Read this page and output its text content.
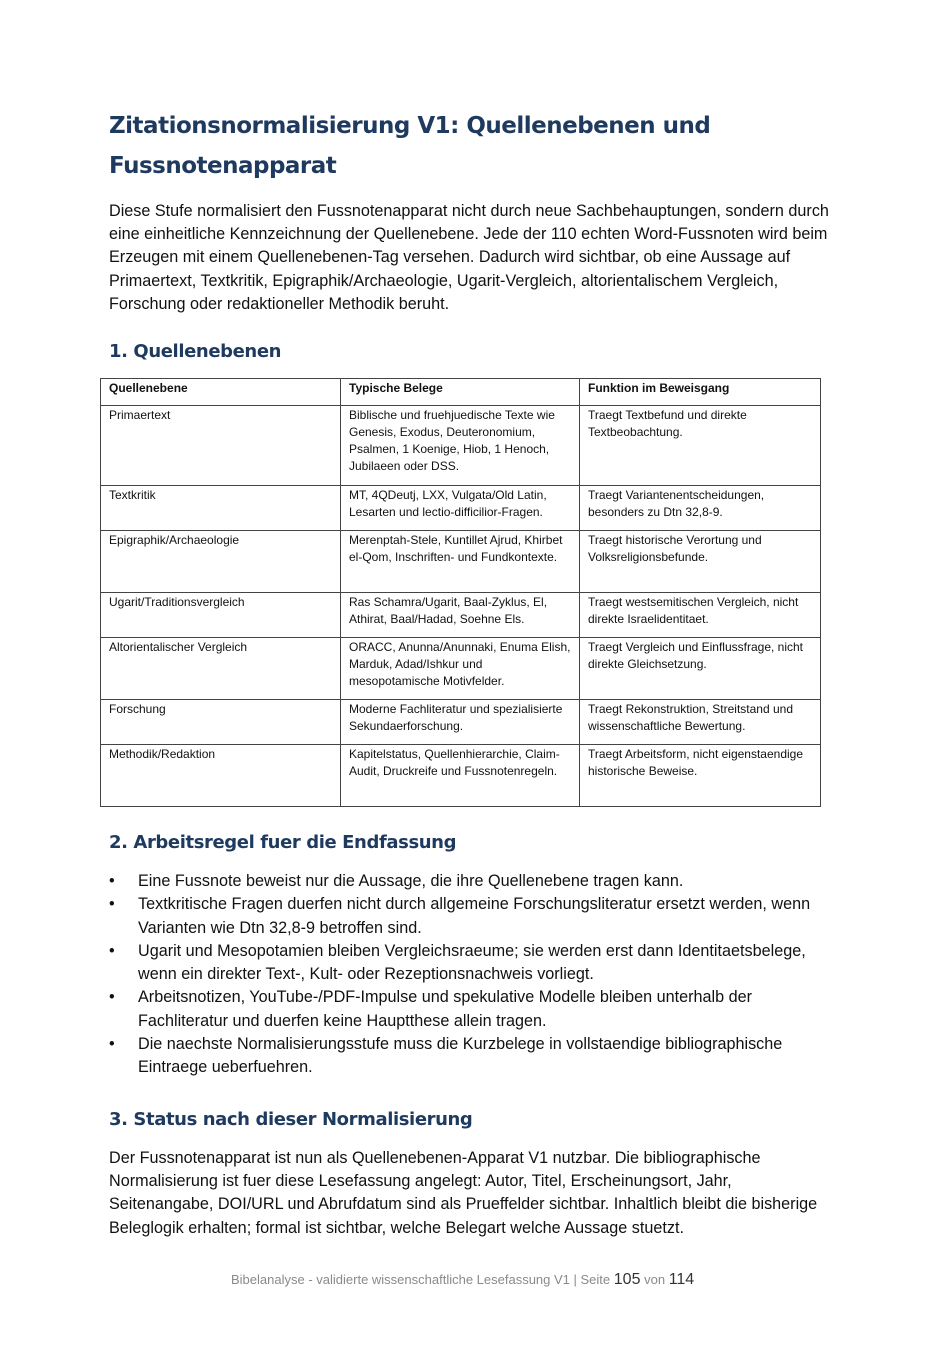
Zitationsnormalisierung V1: Quellenebenen und
Fussnotenapparat

Diese Stufe normalisiert den Fussnotenapparat nicht durch neue Sachbehauptungen, sondern durch eine einheitliche Kennzeichnung der Quellenebene. Jede der 110 echten Word-Fussnoten wird beim Erzeugen mit einem Quellenebenen-Tag versehen. Dadurch wird sichtbar, ob eine Aussage auf Primaertext, Textkritik, Epigraphik/Archaeologie, Ugarit-Vergleich, altorientalischem Vergleich, Forschung oder redaktioneller Methodik beruht.

1. Quellenebenen
Quellenebene	Typische Belege	Funktion im Beweisgang
Primaertext	Biblische und fruehjuedische Texte wie Genesis, Exodus, Deuteronomium, Psalmen, 1 Koenige, Hiob, 1 Henoch, Jubilaeen oder DSS.	Traegt Textbefund und direkte Textbeobachtung.
Textkritik	MT, 4QDeutj, LXX, Vulgata/Old Latin, Lesarten und lectio-difficilior-Fragen.	Traegt Variantenentscheidungen, besonders zu Dtn 32,8-9.
Epigraphik/Archaeologie	Merenptah-Stele, Kuntillet Ajrud, Khirbet el-Qom, Inschriften- und Fundkontexte.	Traegt historische Verortung und Volksreligionsbefunde.
Ugarit/Traditionsvergleich	Ras Schamra/Ugarit, Baal-Zyklus, El, Athirat, Baal/Hadad, Soehne Els.	Traegt westsemitischen Vergleich, nicht direkte Israelidentitaet.
Altorientalischer Vergleich	ORACC, Anunna/Anunnaki, Enuma Elish, Marduk, Adad/Ishkur und mesopotamische Motivfelder.	Traegt Vergleich und Einflussfrage, nicht direkte Gleichsetzung.
Forschung	Moderne Fachliteratur und spezialisierte Sekundaerforschung.	Traegt Rekonstruktion, Streitstand und wissenschaftliche Bewertung.
Methodik/Redaktion	Kapitelstatus, Quellenhierarchie, Claim-Audit, Druckreife und Fussnotenregeln.	Traegt Arbeitsform, nicht eigenstaendige historische Beweise.
2. Arbeitsregel fuer die Endfassung
• Eine Fussnote beweist nur die Aussage, die ihre Quellenebene tragen kann.
• Textkritische Fragen duerfen nicht durch allgemeine Forschungsliteratur ersetzt werden, wenn Varianten wie Dtn 32,8-9 betroffen sind.
• Ugarit und Mesopotamien bleiben Vergleichsraeume; sie werden erst dann Identitaetsbelege, wenn ein direkter Text-, Kult- oder Rezeptionsnachweis vorliegt.
• Arbeitsnotizen, YouTube-/PDF-Impulse und spekulative Modelle bleiben unterhalb der Fachliteratur und duerfen keine Hauptthese allein tragen.
• Die naechste Normalisierungsstufe muss die Kurzbelege in vollstaendige bibliographische Eintraege ueberfuehren.
3. Status nach dieser Normalisierung

Der Fussnotenapparat ist nun als Quellenebenen-Apparat V1 nutzbar. Die bibliographische Normalisierung ist fuer diese Lesefassung angelegt: Autor, Titel, Erscheinungsort, Jahr, Seitenangabe, DOI/URL und Abrufdatum sind als Prueffelder sichtbar. Inhaltlich bleibt die bisherige Beleglogik erhalten; formal ist sichtbar, welche Belegart welche Aussage stuetzt.

Bibelanalyse - validierte wissenschaftliche Lesefassung V1 | Seite 105 von 114
